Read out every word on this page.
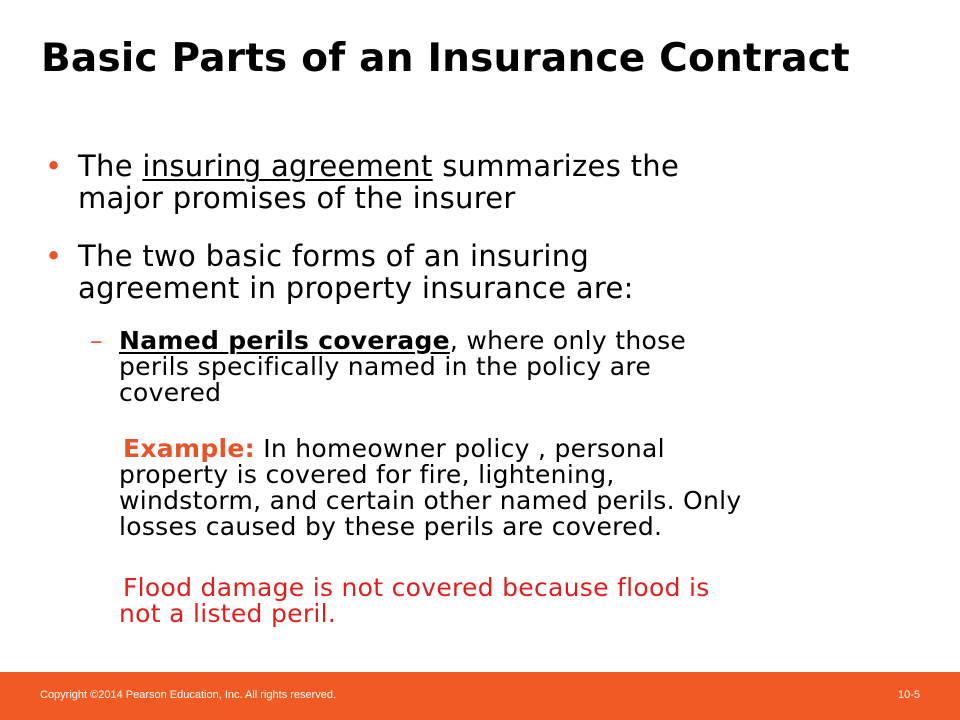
Basic Parts of an Insurance Contract
• The insuring agreement summarizes the
major promises of the insurer
• The two basic forms of an insuring
agreement in property insurance are:
– Named perils coverage, where only those
perils specifically named in the policy are
covered
Example: In homeowner policy , personal
property is covered for fire, lightening,
windstorm, and certain other named perils. Only
losses caused by these perils are covered.
Flood damage is not covered because flood is
not a listed peril.
Copyright ©2014 Pearson Education, Inc. All rights reserved.	10-5
